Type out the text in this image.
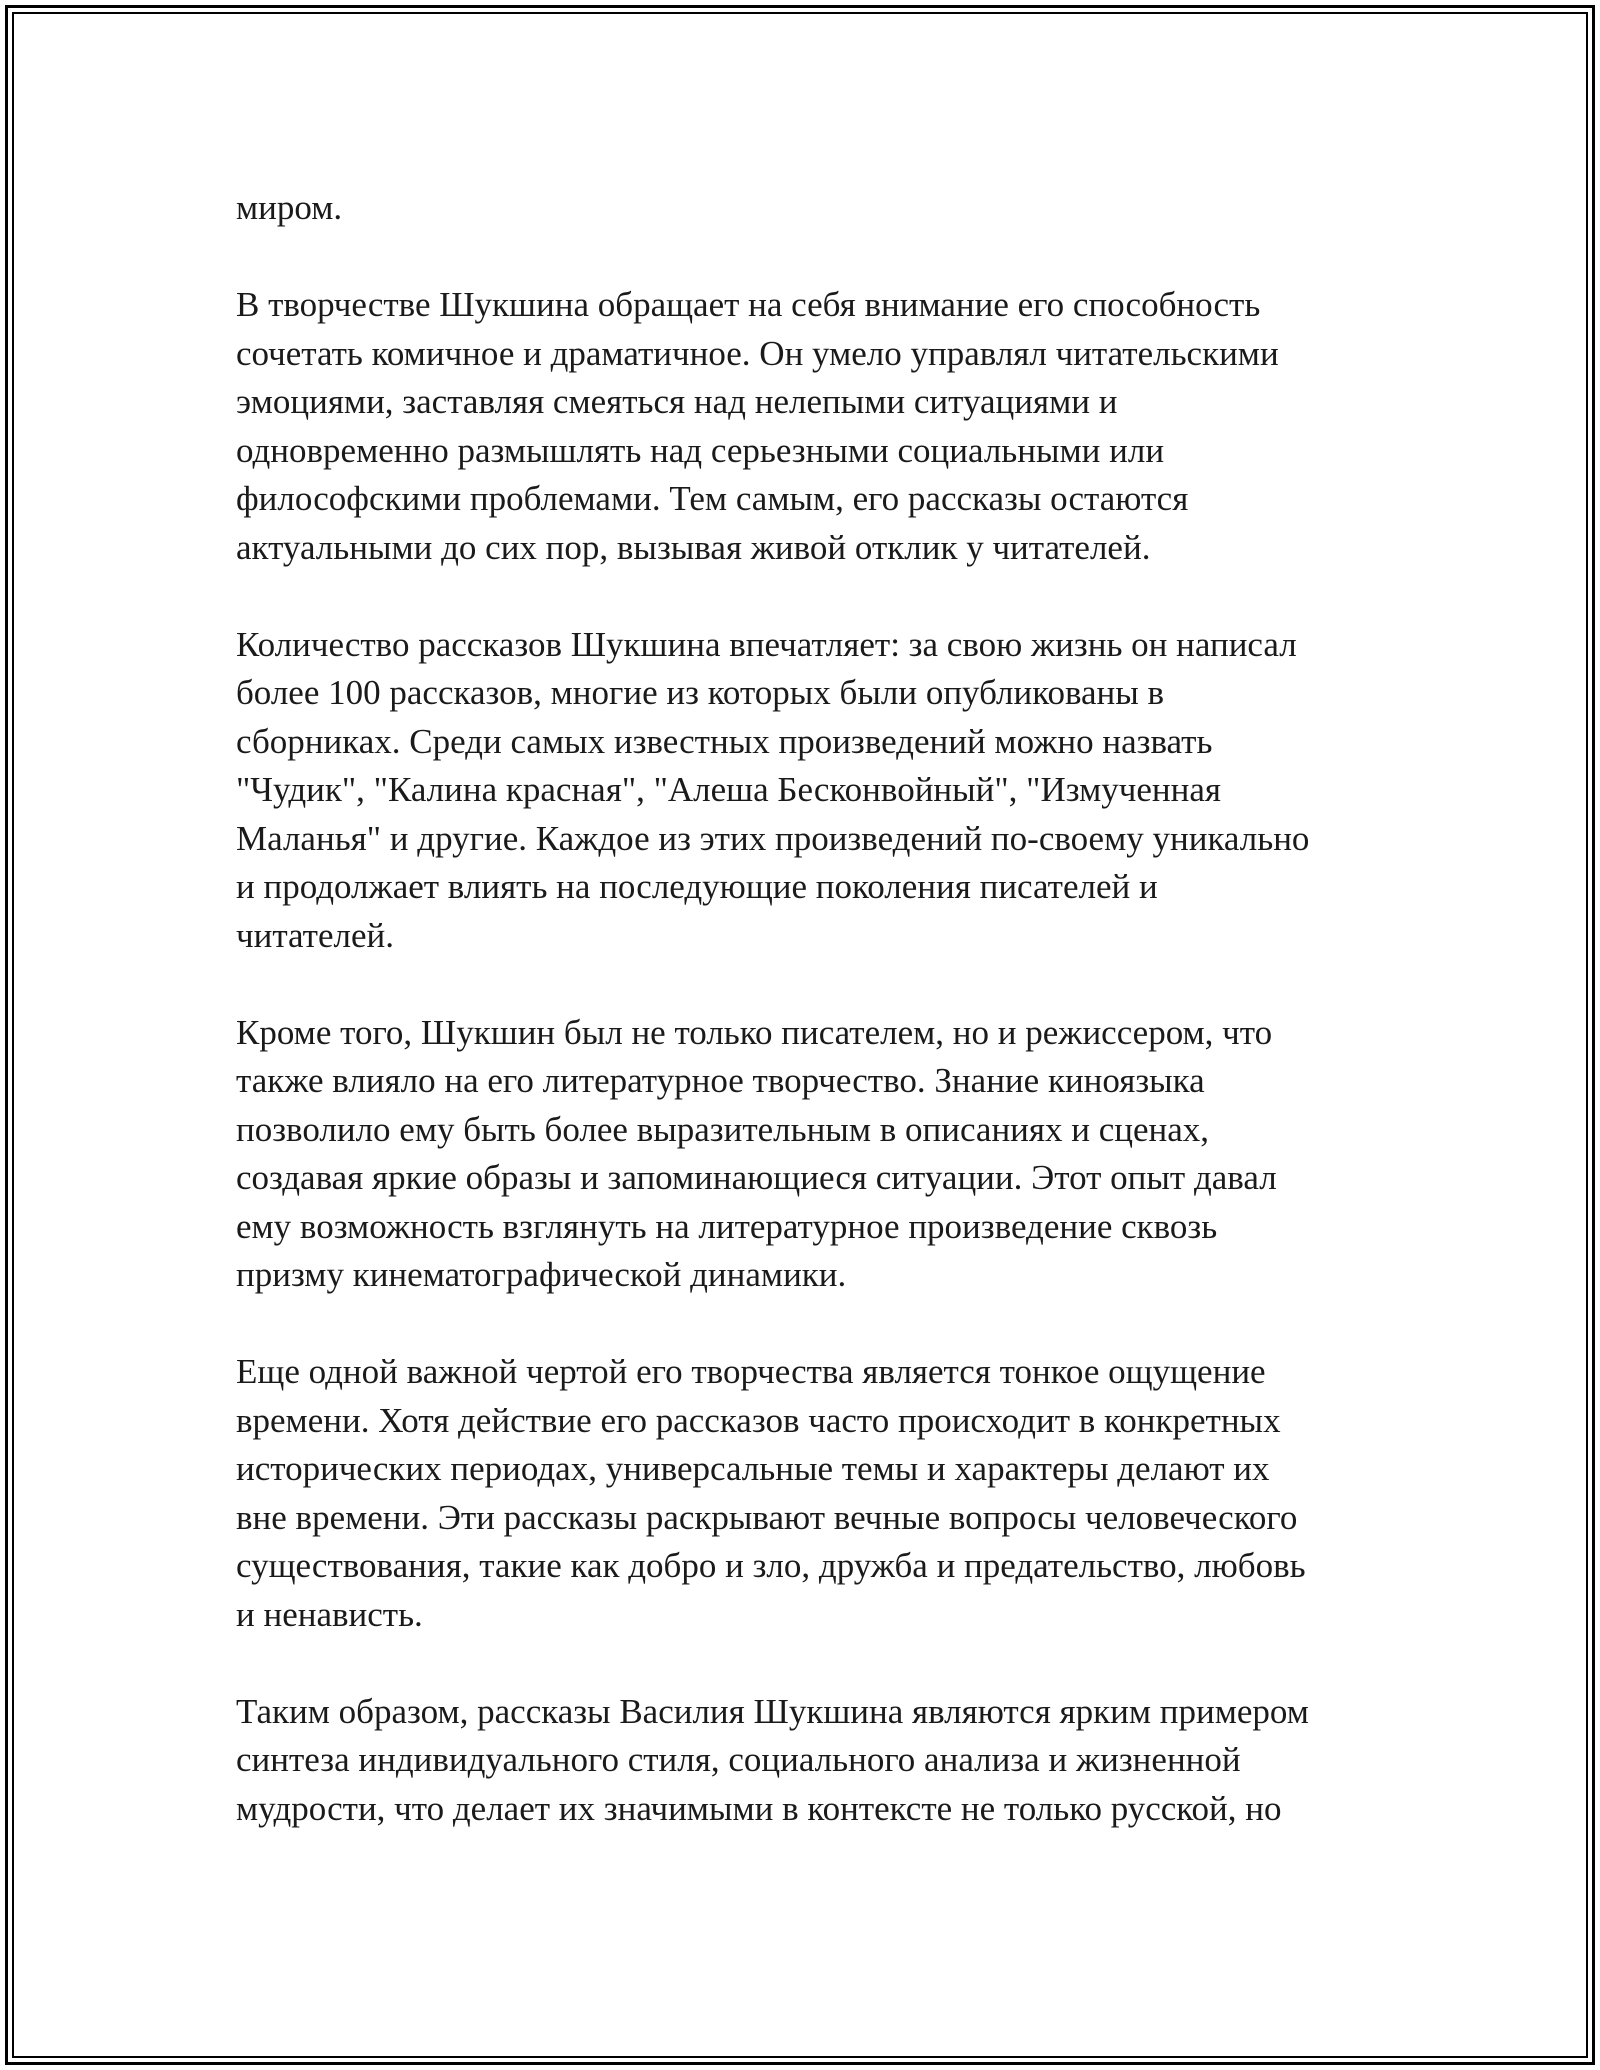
миром.
В творчестве Шукшина обращает на себя внимание его способность
сочетать комичное и драматичное. Он умело управлял читательскими
эмоциями, заставляя смеяться над нелепыми ситуациями и
одновременно размышлять над серьезными социальными или
философскими проблемами. Тем самым, его рассказы остаются
актуальными до сих пор, вызывая живой отклик у читателей.
Количество рассказов Шукшина впечатляет: за свою жизнь он написал
более 100 рассказов, многие из которых были опубликованы в
сборниках. Среди самых известных произведений можно назвать
"Чудик", "Калина красная", "Алеша Бесконвойный", "Измученная
Маланья" и другие. Каждое из этих произведений по-своему уникально
и продолжает влиять на последующие поколения писателей и
читателей.
Кроме того, Шукшин был не только писателем, но и режиссером, что
также влияло на его литературное творчество. Знание киноязыка
позволило ему быть более выразительным в описаниях и сценах,
создавая яркие образы и запоминающиеся ситуации. Этот опыт давал
ему возможность взглянуть на литературное произведение сквозь
призму кинематографической динамики.
Еще одной важной чертой его творчества является тонкое ощущение
времени. Хотя действие его рассказов часто происходит в конкретных
исторических периодах, универсальные темы и характеры делают их
вне времени. Эти рассказы раскрывают вечные вопросы человеческого
существования, такие как добро и зло, дружба и предательство, любовь
и ненависть.
Таким образом, рассказы Василия Шукшина являются ярким примером
синтеза индивидуального стиля, социального анализа и жизненной
мудрости, что делает их значимыми в контексте не только русской, но
